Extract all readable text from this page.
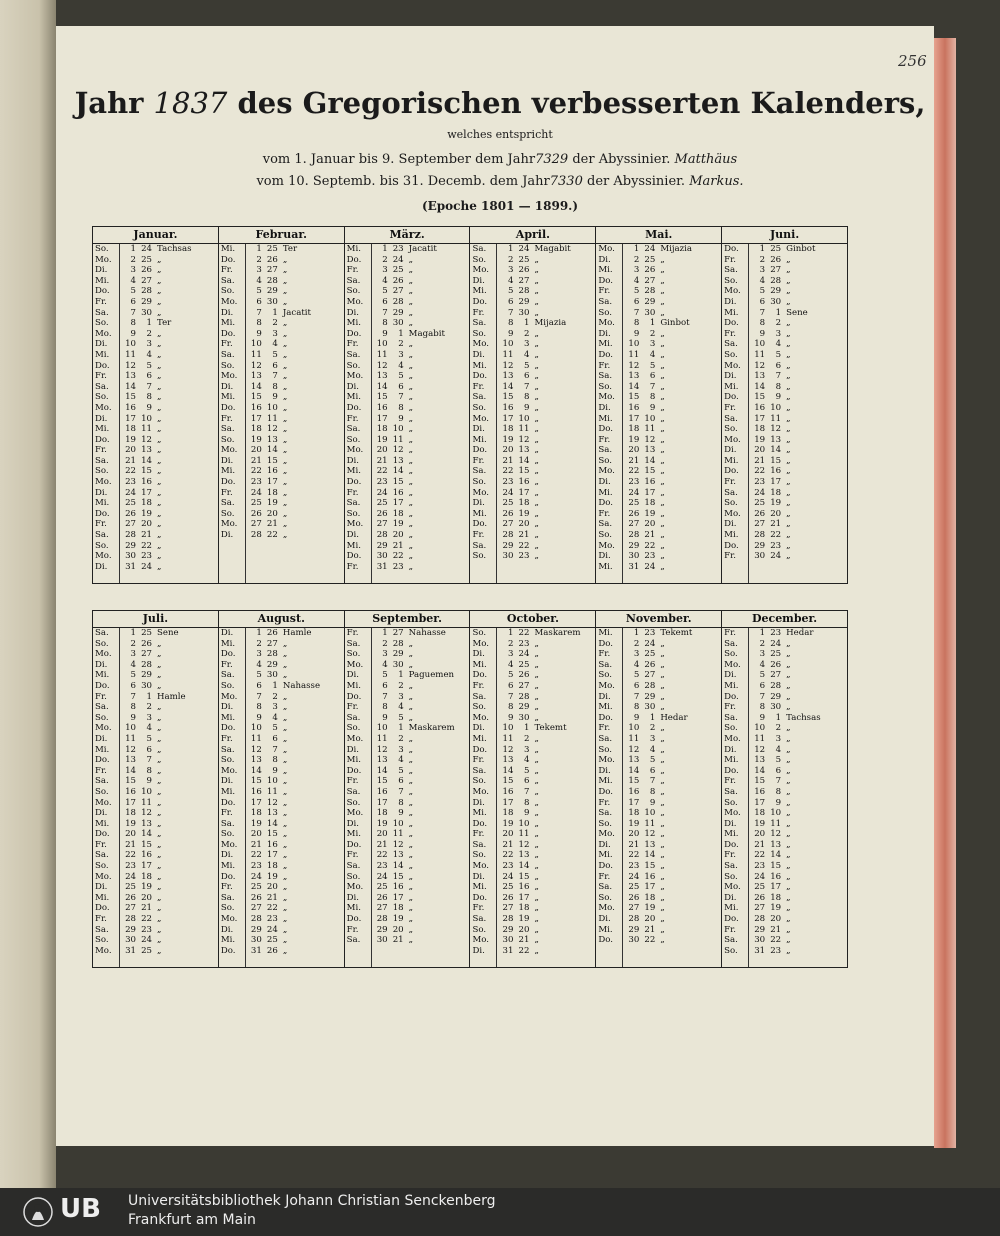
256
Jahr 1837 des Gregorischen verbesserten Kalenders,
welches entspricht
vom 1. Januar bis 9. September dem Jahr7329 der Abyssinier. Matthäus
vom 10. Septemb. bis 31. Decemb. dem Jahr7330 der Abyssinier. Markus.
(Epoche 1801 — 1899.)
Januar.
So.	1 24 Tachsas
Mo.	2 25 „
Di.	3 26 „
Mi.	4 27 „
Do.	5 28 „
Fr.	6 29 „
Sa.	7 30 „
So.	8	1 Ter
Mo.	9	2 „
Di.	10	3 „
Mi.	11	4 „
Do.	12	5 „
Fr.	13	6 „
Sa.	14	7 „
So.	15	8 „
Mo.	16	9 „
Di.	17 10 „
Mi.	18 11 „
Do.	19 12 „
Fr.	20 13 „
Sa.	21 14 „
So.	22 15 „
Mo.	23 16 „
Di.	24 17 „
Mi.	25 18 „
Do.	26 19 „
Fr.	27 20 „
Sa.	28 21 „
So.	29 22 „
Mo.	30 23 „
Di.	31 24 „
Februar.
Mi.	1 25 Ter
Do.	2 26 „
Fr.	3 27 „
Sa.	4 28 „
So.	5 29 „
Mo.	6 30 „
Di.	7	1 Jacatit
Mi.	8	2 „
Do.	9	3 „
Fr.	10	4 „
Sa.	11	5 „
So.	12	6 „
Mo.	13	7 „
Di.	14	8 „
Mi.	15	9 „
Do.	16 10 „
Fr.	17 11 „
Sa.	18 12 „
So.	19 13 „
Mo.	20 14 „
Di.	21 15 „
Mi.	22 16 „
Do.	23 17 „
Fr.	24 18 „
Sa.	25 19 „
So.	26 20 „
Mo.	27 21 „
Di.	28 22 „
März.
Mi.	1 23 Jacatit
Do.	2 24 „
Fr.	3 25 „
Sa.	4 26 „
So.	5 27 „
Mo.	6 28 „
Di.	7 29 „
Mi.	8 30 „
Do.	9	1 Magabit
Fr.	10	2 „
Sa.	11	3 „
So.	12	4 „
Mo.	13	5 „
Di.	14	6 „
Mi.	15	7 „
Do.	16	8 „
Fr.	17	9 „
Sa.	18 10 „
So.	19 11 „
Mo.	20 12 „
Di.	21 13 „
Mi.	22 14 „
Do.	23 15 „
Fr.	24 16 „
Sa.	25 17 „
So.	26 18 „
Mo.	27 19 „
Di.	28 20 „
Mi.	29 21 „
Do.	30 22 „
Fr.	31 23 „
April.
Sa.	1 24 Magabit
So.	2 25 „
Mo.	3 26 „
Di.	4 27 „
Mi.	5 28 „
Do.	6 29 „
Fr.	7 30 „
Sa.	8	1 Mijazia
So.	9	2 „
Mo.	10	3 „
Di.	11	4 „
Mi.	12	5 „
Do.	13	6 „
Fr.	14	7 „
Sa.	15	8 „
So.	16	9 „
Mo.	17 10 „
Di.	18 11 „
Mi.	19 12 „
Do.	20 13 „
Fr.	21 14 „
Sa.	22 15 „
So.	23 16 „
Mo.	24 17 „
Di.	25 18 „
Mi.	26 19 „
Do.	27 20 „
Fr.	28 21 „
Sa.	29 22 „
So.	30 23 „
Mai.
Mo.	1 24 Mijazia
Di.	2 25 „
Mi.	3 26 „
Do.	4 27 „
Fr.	5 28 „
Sa.	6 29 „
So.	7 30 „
Mo.	8	1 Ginbot
Di.	9	2 „
Mi.	10	3 „
Do.	11	4 „
Fr.	12	5 „
Sa.	13	6 „
So.	14	7 „
Mo.	15	8 „
Di.	16	9 „
Mi.	17 10 „
Do.	18 11 „
Fr.	19 12 „
Sa.	20 13 „
So.	21 14 „
Mo.	22 15 „
Di.	23 16 „
Mi.	24 17 „
Do.	25 18 „
Fr.	26 19 „
Sa.	27 20 „
So.	28 21 „
Mo.	29 22 „
Di.	30 23 „
Mi.	31 24 „
Juni.
Do.	1 25 Ginbot
Fr.	2 26 „
Sa.	3 27 „
So.	4 28 „
Mo.	5 29 „
Di.	6 30 „
Mi.	7	1 Sene
Do.	8	2 „
Fr.	9	3 „
Sa.	10	4 „
So.	11	5 „
Mo.	12	6 „
Di.	13	7 „
Mi.	14	8 „
Do.	15	9 „
Fr.	16 10 „
Sa.	17 11 „
So.	18 12 „
Mo.	19 13 „
Di.	20 14 „
Mi.	21 15 „
Do.	22 16 „
Fr.	23 17 „
Sa.	24 18 „
So.	25 19 „
Mo.	26 20 „
Di.	27 21 „
Mi.	28 22 „
Do.	29 23 „
Fr.	30 24 „
Juli.
Sa.	1 25 Sene
So.	2 26 „
Mo.	3 27 „
Di.	4 28 „
Mi.	5 29 „
Do.	6 30 „
Fr.	7	1 Hamle
Sa.	8	2 „
So.	9	3 „
Mo.	10	4 „
Di.	11	5 „
Mi.	12	6 „
Do.	13	7 „
Fr.	14	8 „
Sa.	15	9 „
So.	16 10 „
Mo.	17 11 „
Di.	18 12 „
Mi.	19 13 „
Do.	20 14 „
Fr.	21 15 „
Sa.	22 16 „
So.	23 17 „
Mo.	24 18 „
Di.	25 19 „
Mi.	26 20 „
Do.	27 21 „
Fr.	28 22 „
Sa.	29 23 „
So.	30 24 „
Mo.	31 25 „
August.
Di.	1 26 Hamle
Mi.	2 27 „
Do.	3 28 „
Fr.	4 29 „
Sa.	5 30 „
So.	6	1 Nahasse
Mo.	7	2 „
Di.	8	3 „
Mi.	9	4 „
Do.	10	5 „
Fr.	11	6 „
Sa.	12	7 „
So.	13	8 „
Mo.	14	9 „
Di.	15 10 „
Mi.	16 11 „
Do.	17 12 „
Fr.	18 13 „
Sa.	19 14 „
So.	20 15 „
Mo.	21 16 „
Di.	22 17 „
Mi.	23 18 „
Do.	24 19 „
Fr.	25 20 „
Sa.	26 21 „
So.	27 22 „
Mo.	28 23 „
Di.	29 24 „
Mi.	30 25 „
Do.	31 26 „
September.
Fr.	1 27 Nahasse
Sa.	2 28 „
So.	3 29 „
Mo.	4 30 „
Di.	5	1 Paguemen
Mi.	6	2 „
Do.	7	3 „
Fr.	8	4 „
Sa.	9	5 „
So.	10	1 Maskarem
Mo.	11	2 „
Di.	12	3 „
Mi.	13	4 „
Do.	14	5 „
Fr.	15	6 „
Sa.	16	7 „
So.	17	8 „
Mo.	18	9 „
Di.	19 10 „
Mi.	20 11 „
Do.	21 12 „
Fr.	22 13 „
Sa.	23 14 „
So.	24 15 „
Mo.	25 16 „
Di.	26 17 „
Mi.	27 18 „
Do.	28 19 „
Fr.	29 20 „
Sa.	30 21 „
October.
So.	1 22 Maskarem
Mo.	2 23 „
Di.	3 24 „
Mi.	4 25 „
Do.	5 26 „
Fr.	6 27 „
Sa.	7 28 „
So.	8 29 „
Mo.	9 30 „
Di.	10	1 Tekemt
Mi.	11	2 „
Do.	12	3 „
Fr.	13	4 „
Sa.	14	5 „
So.	15	6 „
Mo.	16	7 „
Di.	17	8 „
Mi.	18	9 „
Do.	19 10 „
Fr.	20 11 „
Sa.	21 12 „
So.	22 13 „
Mo.	23 14 „
Di.	24 15 „
Mi.	25 16 „
Do.	26 17 „
Fr.	27 18 „
Sa.	28 19 „
So.	29 20 „
Mo.	30 21 „
Di.	31 22 „
November.
Mi.	1 23 Tekemt
Do.	2 24 „
Fr.	3 25 „
Sa.	4 26 „
So.	5 27 „
Mo.	6 28 „
Di.	7 29 „
Mi.	8 30 „
Do.	9	1 Hedar
Fr.	10	2 „
Sa.	11	3 „
So.	12	4 „
Mo.	13	5 „
Di.	14	6 „
Mi.	15	7 „
Do.	16	8 „
Fr.	17	9 „
Sa.	18 10 „
So.	19 11 „
Mo.	20 12 „
Di.	21 13 „
Mi.	22 14 „
Do.	23 15 „
Fr.	24 16 „
Sa.	25 17 „
So.	26 18 „
Mo.	27 19 „
Di.	28 20 „
Mi.	29 21 „
Do.	30 22 „
December.
Fr.	1 23 Hedar
Sa.	2 24 „
So.	3 25 „
Mo.	4 26 „
Di.	5 27 „
Mi.	6 28 „
Do.	7 29 „
Fr.	8 30 „
Sa.	9	1 Tachsas
So.	10	2 „
Mo.	11	3 „
Di.	12	4 „
Mi.	13	5 „
Do.	14	6 „
Fr.	15	7 „
Sa.	16	8 „
So.	17	9 „
Mo.	18 10 „
Di.	19 11 „
Mi.	20 12 „
Do.	21 13 „
Fr.	22 14 „
Sa.	23 15 „
So.	24 16 „
Mo.	25 17 „
Di.	26 18 „
Mi.	27 19 „
Do.	28 20 „
Fr.	29 21 „
Sa.	30 22 „
So.	31 23 „
UB Universitätsbibliothek Johann Christian Senckenberg
Frankfurt am Main
